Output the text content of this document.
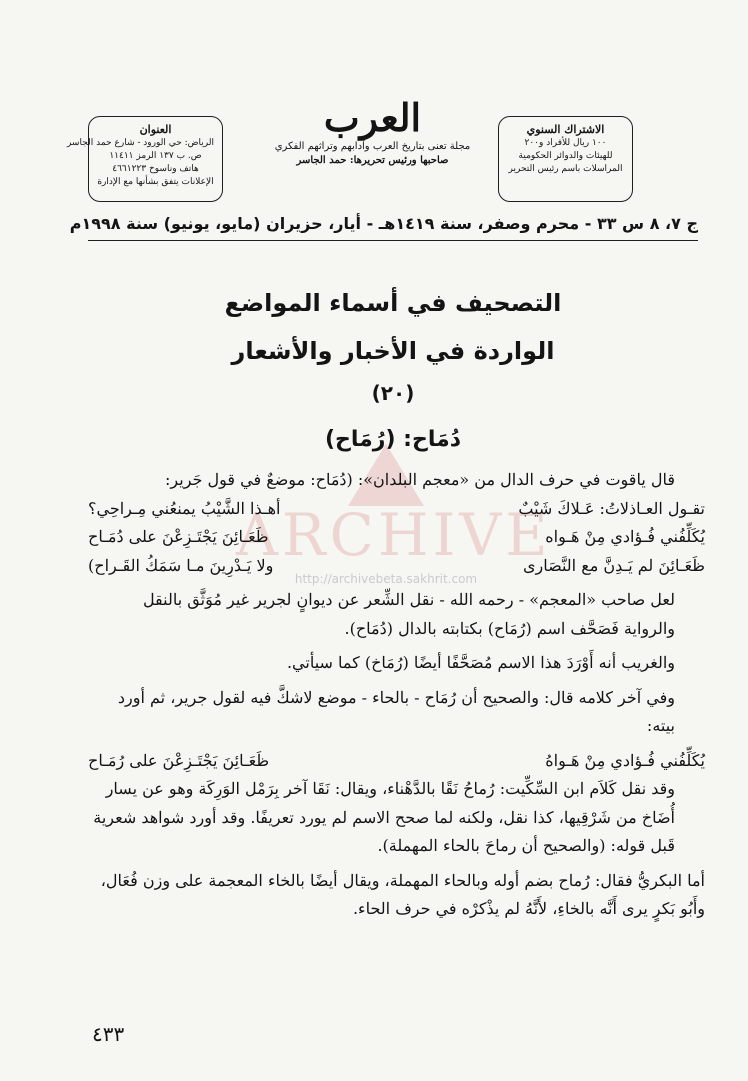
العنوان
الرياض: حي الورود - شارع حمد الجاسر
ص. ب ١٣٧ الرمز ١١٤١١
هاتف وناسوخ ٤٦٦١٢٢٣
الإعلانات يتفق بشأنها مع الإدارة
العرب
مجلة تعنى بتاريخ العرب وآدابهم وتراثهم الفكري
صاحبها ورئيس تحريرها: حمد الجاسر
الاشتراك السنوي
١٠٠ ريال للأفراد و٢٠٠
للهيئات والدوائر الحكومية
المراسلات باسم رئيس التحرير
ج ٧، ٨ س ٣٣ - محرم وصفر، سنة ١٤١٩هـ - أيار، حزيران (مايو، يونيو) سنة ١٩٩٨م
التصحيف في أسماء المواضع
الواردة في الأخبار والأشعار
(٢٠)
دُمَاح: (رُمَاح)
ARCHIVE
http://archivebeta.sakhrit.com

قال ياقوت في حرف الدال من «معجم البلدان»: (دُمَاح: موضعٌ في قول جَرير:

تقـول العـاذلاتُ: عَـلاكَ شَيْبٌ
أهـذا الشَّيْبُ يمنعُني مِـراحِي؟
يُكَلِّفُني فُـؤادي مِنْ هَـواه
ظَعَـائِنَ يَجْتَـزِعْنَ على دُمَـاح
ظَعَـائِنَ لم يَـدِنَّ مع النَّصَارى
ولا يَـدْرِينَ مـا سَمَكُ القَـراح)

لعل صاحب «المعجم» - رحمه الله - نقل الشِّعر عن ديوانٍ لجرير غير مُوَثَّق بالنقل والرواية فَصَحَّف اسم (رُمَاح) بكتابته بالدال (دُمَاح).

والغريب أنه أَوْرَدَ هذا الاسم مُصَحَّفًا أيضًا (رُمَاخ) كما سيأتي.

وفي آخر كلامه قال: والصحيح أن رُمَاح - بالحاء - موضع لاشكَّ فيه لقول جرير، ثم أورد بيته:

يُكَلِّفُني فُـؤادي مِنْ هَـواهُ
ظَعَـائِنَ يَجْتَـزِعْنَ على رُمَـاح

وقد نقل كَلاَم ابن السِّكِّيت: رُماحُ نَقًا بالدَّهْناء، ويقال: نَقَا آخر بِرَمْل الوَرِكَة وهو عن يسار أُضَاخ من شَرْقِيها، كذا نقل، ولكنه لما صحح الاسم لم يورد تعريفًا. وقد أورد شواهد شعرية قَبل قوله: (والصحيح أن رماحَ بالحاء المهملة).

أما البكريُّ فقال: رُماح بضم أوله وبالحاء المهملة، ويقال أيضًا بالخاء المعجمة على وزن فُعَال، وأَبُو بَكرٍ يرى أَنَّه بالخاءِ، لأَنَّهُ لم يذْكرْه في حرف الحاء.

٤٣٣
